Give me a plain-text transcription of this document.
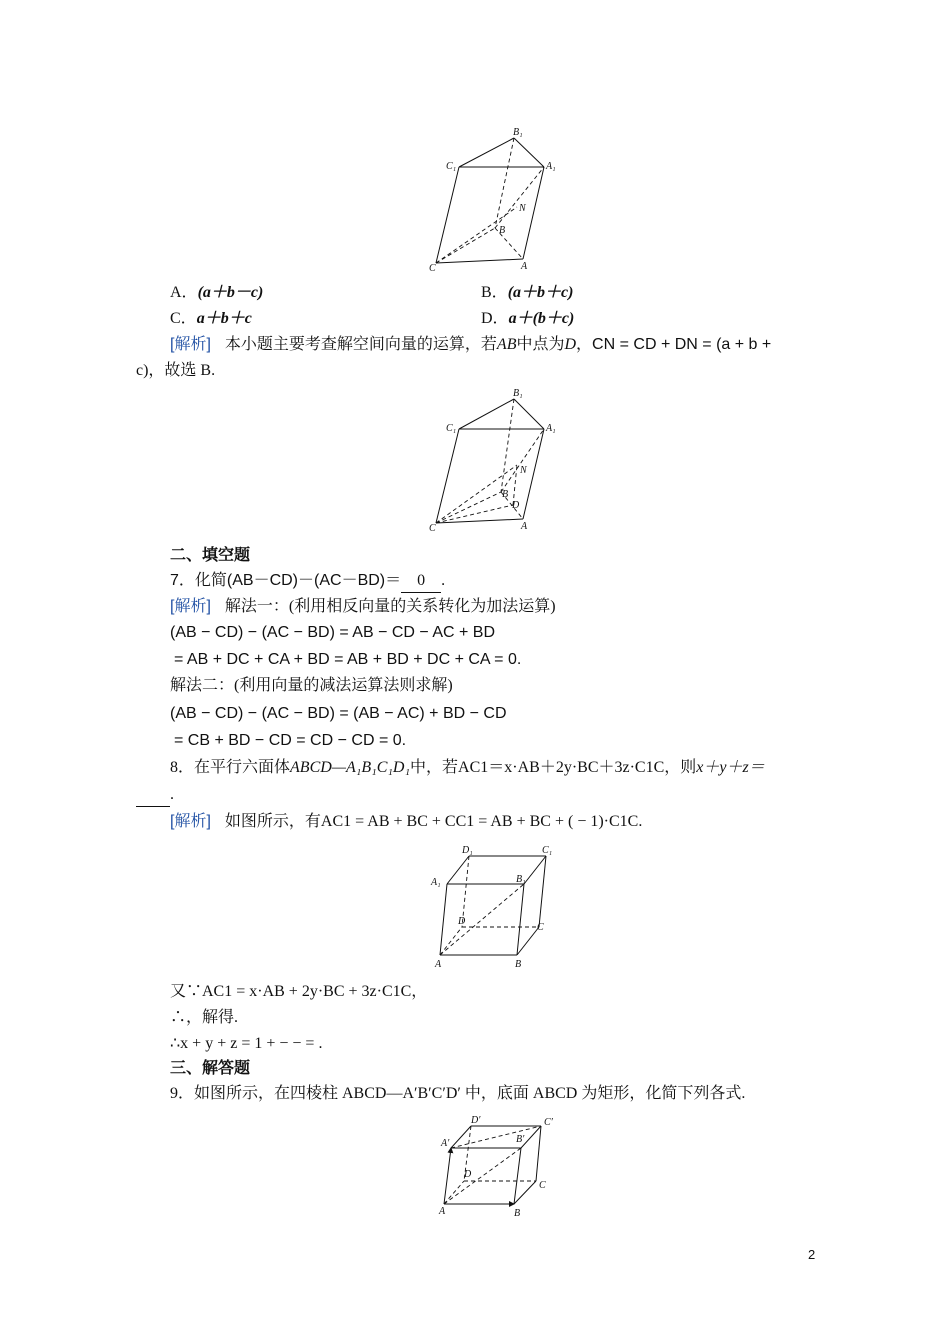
B₁
C₁	A₁
N
B
C	A
A．(a＋b－c)	B．(a＋b＋c)
C．a＋b＋c	D．a＋(b＋c)
[解析] 本小题主要考查解空间向量的运算，若AB中点为D，CN = CD + DN = (a + b +
c)，故选 B.
B₁
C₁	A₁
N
B
D
C	A
二、填空题
7．化简(AB－CD)－(AC－BD)＝ 0 .
[解析] 解法一：(利用相反向量的关系转化为加法运算)
(AB − CD) − (AC − BD) = AB − CD − AC + BD
= AB + DC + CA + BD = AB + BD + DC + CA = 0.
解法二：(利用向量的减法运算法则求解)
(AB − CD) − (AC − BD) = (AB − AC) + BD − CD
= CB + BD − CD = CD − CD = 0.
8．在平行六面体ABCD—A₁B₁C₁D₁中，若AC1＝x·AB＋2y·BC＋3z·C1C，则x＋y＋z＝
.
[解析] 如图所示，有AC1 = AB + BC + CC1 = AB + BC + ( − 1)·C1C.
D₁	C₁
A₁	B₁
D
C
A	B
又∵AC1 = x·AB + 2y·BC + 3z·C1C，
∴，解得.
∴x + y + z = 1 + − − = .
三、解答题
9．如图所示，在四棱柱 ABCD—A′B′C′D′ 中，底面 ABCD 为矩形，化简下列各式.
D′	C′
A′	B′
D
C
A	B
2
